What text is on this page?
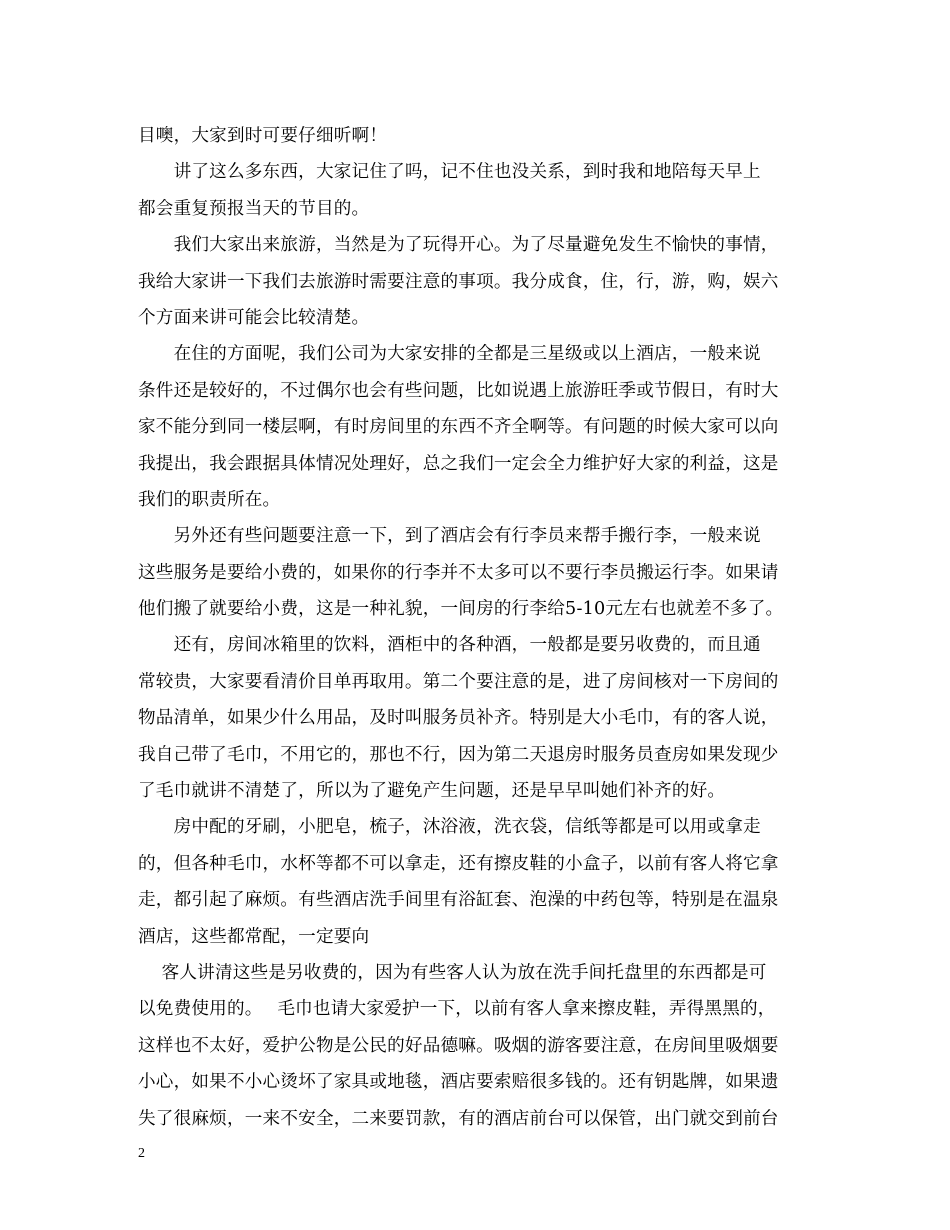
目噢，大家到时可要仔细听啊！
　　讲了这么多东西，大家记住了吗，记不住也没关系，到时我和地陪每天早上
都会重复预报当天的节目的。
　　我们大家出来旅游，当然是为了玩得开心。为了尽量避免发生不愉快的事情，
我给大家讲一下我们去旅游时需要注意的事项。我分成食，住，行，游，购，娱六
个方面来讲可能会比较清楚。
　　在住的方面呢，我们公司为大家安排的全都是三星级或以上酒店，一般来说
条件还是较好的，不过偶尔也会有些问题，比如说遇上旅游旺季或节假日，有时大
家不能分到同一楼层啊，有时房间里的东西不齐全啊等。有问题的时候大家可以向
我提出，我会跟据具体情况处理好，总之我们一定会全力维护好大家的利益，这是
我们的职责所在。
　　另外还有些问题要注意一下，到了酒店会有行李员来帮手搬行李，一般来说
这些服务是要给小费的，如果你的行李并不太多可以不要行李员搬运行李。如果请
他们搬了就要给小费，这是一种礼貌，一间房的行李给5-10元左右也就差不多了。
　　还有，房间冰箱里的饮料，酒柜中的各种酒，一般都是要另收费的，而且通
常较贵，大家要看清价目单再取用。第二个要注意的是，进了房间核对一下房间的
物品清单，如果少什么用品，及时叫服务员补齐。特别是大小毛巾，有的客人说，
我自己带了毛巾，不用它的，那也不行，因为第二天退房时服务员查房如果发现少
了毛巾就讲不清楚了，所以为了避免产生问题，还是早早叫她们补齐的好。
　　房中配的牙刷，小肥皂，梳子，沐浴液，洗衣袋，信纸等都是可以用或拿走
的，但各种毛巾，水杯等都不可以拿走，还有擦皮鞋的小盒子，以前有客人将它拿
走，都引起了麻烦。有些酒店洗手间里有浴缸套、泡澡的中药包等，特别是在温泉
酒店，这些都常配，一定要向
　 客人讲清这些是另收费的，因为有些客人认为放在洗手间托盘里的东西都是可
以免费使用的。　 毛巾也请大家爱护一下，以前有客人拿来擦皮鞋，弄得黑黑的，
这样也不太好，爱护公物是公民的好品德嘛。吸烟的游客要注意，在房间里吸烟要
小心，如果不小心烫坏了家具或地毯，酒店要索赔很多钱的。还有钥匙牌，如果遗
失了很麻烦，一来不安全，二来要罚款，有的酒店前台可以保管，出门就交到前台
2
